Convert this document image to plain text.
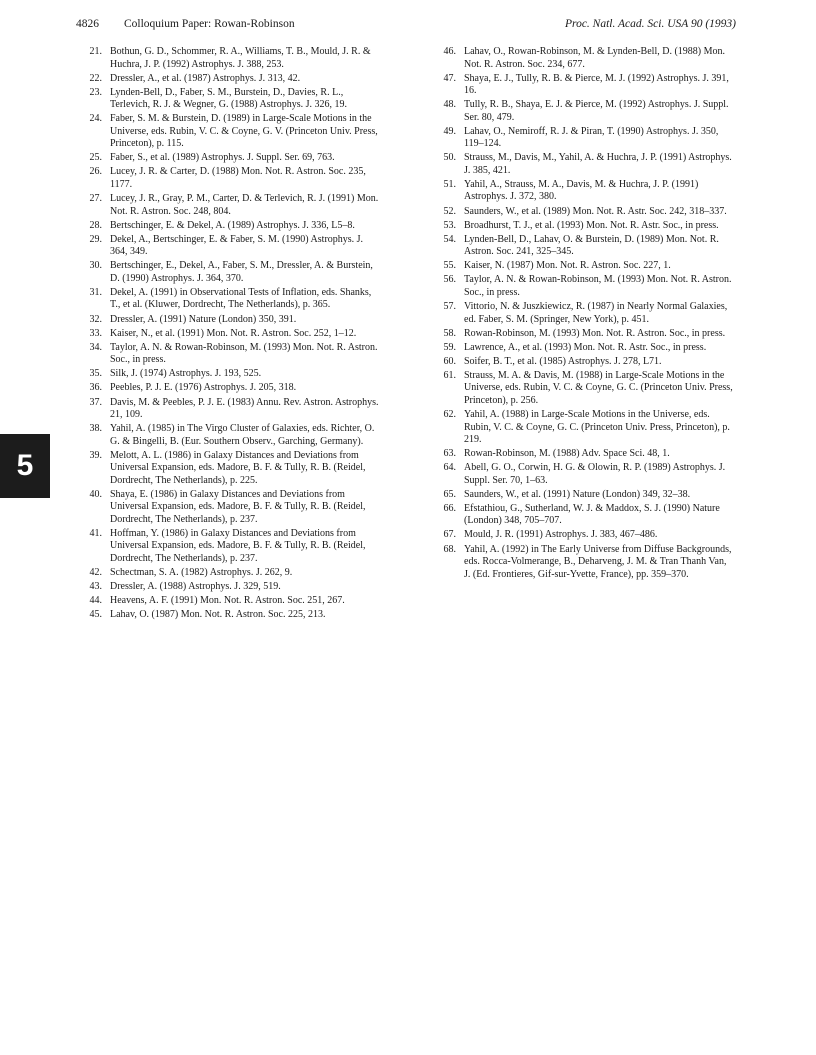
4826 Colloquium Paper: Rowan-Robinson	Proc. Natl. Acad. Sci. USA 90 (1993)
5
21. Bothun, G. D., Schommer, R. A., Williams, T. B., Mould, J. R. & Huchra, J. P. (1992) Astrophys. J. 388, 253.
22. Dressler, A., et al. (1987) Astrophys. J. 313, 42.
23. Lynden-Bell, D., Faber, S. M., Burstein, D., Davies, R. L., Terlevich, R. J. & Wegner, G. (1988) Astrophys. J. 326, 19.
24. Faber, S. M. & Burstein, D. (1989) in Large-Scale Motions in the Universe, eds. Rubin, V. C. & Coyne, G. V. (Princeton Univ. Press, Princeton), p. 115.
25. Faber, S., et al. (1989) Astrophys. J. Suppl. Ser. 69, 763.
26. Lucey, J. R. & Carter, D. (1988) Mon. Not. R. Astron. Soc. 235, 1177.
27. Lucey, J. R., Gray, P. M., Carter, D. & Terlevich, R. J. (1991) Mon. Not. R. Astron. Soc. 248, 804.
28. Bertschinger, E. & Dekel, A. (1989) Astrophys. J. 336, L5–8.
29. Dekel, A., Bertschinger, E. & Faber, S. M. (1990) Astrophys. J. 364, 349.
30. Bertschinger, E., Dekel, A., Faber, S. M., Dressler, A. & Burstein, D. (1990) Astrophys. J. 364, 370.
31. Dekel, A. (1991) in Observational Tests of Inflation, eds. Shanks, T., et al. (Kluwer, Dordrecht, The Netherlands), p. 365.
32. Dressler, A. (1991) Nature (London) 350, 391.
33. Kaiser, N., et al. (1991) Mon. Not. R. Astron. Soc. 252, 1–12.
34. Taylor, A. N. & Rowan-Robinson, M. (1993) Mon. Not. R. Astron. Soc., in press.
35. Silk, J. (1974) Astrophys. J. 193, 525.
36. Peebles, P. J. E. (1976) Astrophys. J. 205, 318.
37. Davis, M. & Peebles, P. J. E. (1983) Annu. Rev. Astron. Astrophys. 21, 109.
38. Yahil, A. (1985) in The Virgo Cluster of Galaxies, eds. Richter, O. G. & Bingelli, B. (Eur. Southern Observ., Garching, Germany).
39. Melott, A. L. (1986) in Galaxy Distances and Deviations from Universal Expansion, eds. Madore, B. F. & Tully, R. B. (Reidel, Dordrecht, The Netherlands), p. 225.
40. Shaya, E. (1986) in Galaxy Distances and Deviations from Universal Expansion, eds. Madore, B. F. & Tully, R. B. (Reidel, Dordrecht, The Netherlands), p. 237.
41. Hoffman, Y. (1986) in Galaxy Distances and Deviations from Universal Expansion, eds. Madore, B. F. & Tully, R. B. (Reidel, Dordrecht, The Netherlands), p. 237.
42. Schectman, S. A. (1982) Astrophys. J. 262, 9.
43. Dressler, A. (1988) Astrophys. J. 329, 519.
44. Heavens, A. F. (1991) Mon. Not. R. Astron. Soc. 251, 267.
45. Lahav, O. (1987) Mon. Not. R. Astron. Soc. 225, 213.
46. Lahav, O., Rowan-Robinson, M. & Lynden-Bell, D. (1988) Mon. Not. R. Astron. Soc. 234, 677.
47. Shaya, E. J., Tully, R. B. & Pierce, M. J. (1992) Astrophys. J. 391, 16.
48. Tully, R. B., Shaya, E. J. & Pierce, M. (1992) Astrophys. J. Suppl. Ser. 80, 479.
49. Lahav, O., Nemiroff, R. J. & Piran, T. (1990) Astrophys. J. 350, 119–124.
50. Strauss, M., Davis, M., Yahil, A. & Huchra, J. P. (1991) Astrophys. J. 385, 421.
51. Yahil, A., Strauss, M. A., Davis, M. & Huchra, J. P. (1991) Astrophys. J. 372, 380.
52. Saunders, W., et al. (1989) Mon. Not. R. Astr. Soc. 242, 318–337.
53. Broadhurst, T. J., et al. (1993) Mon. Not. R. Astr. Soc., in press.
54. Lynden-Bell, D., Lahav, O. & Burstein, D. (1989) Mon. Not. R. Astron. Soc. 241, 325–345.
55. Kaiser, N. (1987) Mon. Not. R. Astron. Soc. 227, 1.
56. Taylor, A. N. & Rowan-Robinson, M. (1993) Mon. Not. R. Astron. Soc., in press.
57. Vittorio, N. & Juszkiewicz, R. (1987) in Nearly Normal Galaxies, ed. Faber, S. M. (Springer, New York), p. 451.
58. Rowan-Robinson, M. (1993) Mon. Not. R. Astron. Soc., in press.
59. Lawrence, A., et al. (1993) Mon. Not. R. Astr. Soc., in press.
60. Soifer, B. T., et al. (1985) Astrophys. J. 278, L71.
61. Strauss, M. A. & Davis, M. (1988) in Large-Scale Motions in the Universe, eds. Rubin, V. C. & Coyne, G. C. (Princeton Univ. Press, Princeton), p. 256.
62. Yahil, A. (1988) in Large-Scale Motions in the Universe, eds. Rubin, V. C. & Coyne, G. C. (Princeton Univ. Press, Princeton), p. 219.
63. Rowan-Robinson, M. (1988) Adv. Space Sci. 48, 1.
64. Abell, G. O., Corwin, H. G. & Olowin, R. P. (1989) Astrophys. J. Suppl. Ser. 70, 1–63.
65. Saunders, W., et al. (1991) Nature (London) 349, 32–38.
66. Efstathiou, G., Sutherland, W. J. & Maddox, S. J. (1990) Nature (London) 348, 705–707.
67. Mould, J. R. (1991) Astrophys. J. 383, 467–486.
68. Yahil, A. (1992) in The Early Universe from Diffuse Backgrounds, eds. Rocca-Volmerange, B., Deharveng, J. M. & Tran Thanh Van, J. (Ed. Frontieres, Gif-sur-Yvette, France), pp. 359–370.
